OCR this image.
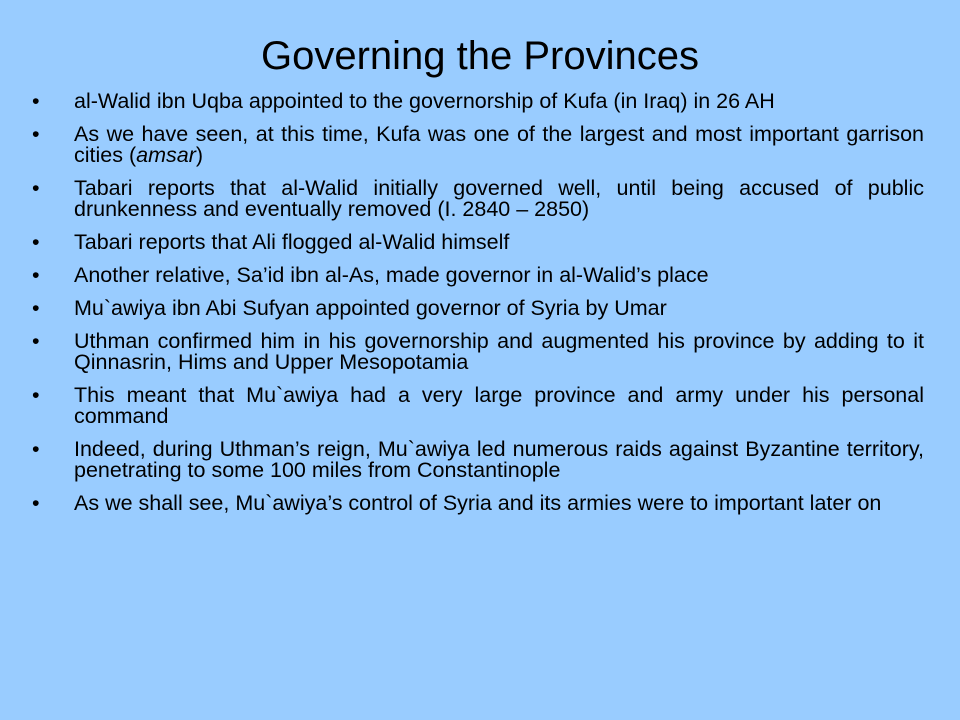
Governing the Provinces
•	al-Walid ibn Uqba appointed to the governorship of Kufa (in Iraq) in 26 AH
•	As we have seen, at this time, Kufa was one of the largest and most important garrison cities (amsar)
•	Tabari reports that al-Walid initially governed well, until being accused of public drunkenness and eventually removed (I. 2840 – 2850)
•	Tabari reports that Ali flogged al-Walid himself
•	Another relative, Sa’id ibn al-As, made governor in al-Walid’s place
•	Mu`awiya ibn Abi Sufyan appointed governor of Syria by Umar
•	Uthman confirmed him in his governorship and augmented his province by adding to it Qinnasrin, Hims and Upper Mesopotamia
•	This meant that Mu`awiya had a very large province and army under his personal command
•	Indeed, during Uthman’s reign, Mu`awiya led numerous raids against Byzantine territory, penetrating to some 100 miles from Constantinople
•	As we shall see, Mu`awiya’s control of Syria and its armies were to important later on
